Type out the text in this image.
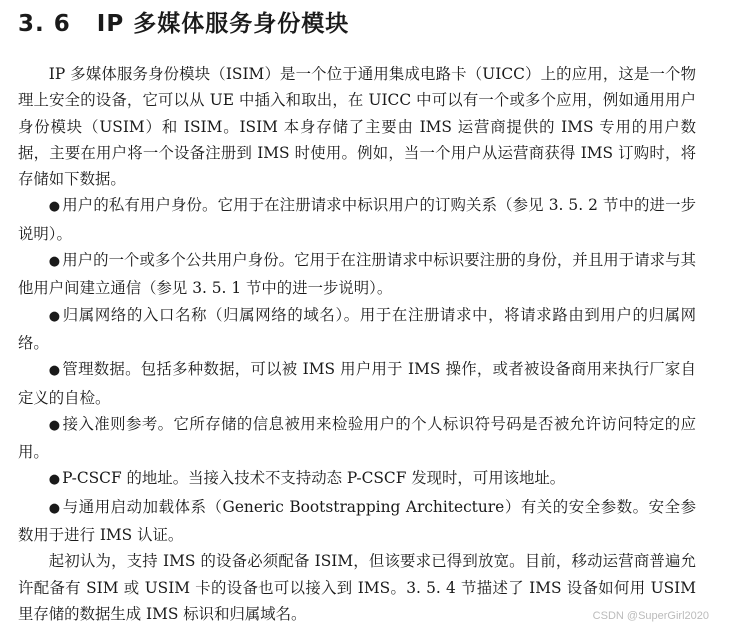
3. 6 IP 多媒体服务身份模块

IP 多媒体服务身份模块（ISIM）是一个位于通用集成电路卡（UICC）上的应用，这是一个物理上安全的设备，它可以从 UE 中插入和取出，在 UICC 中可以有一个或多个应用，例如通用用户身份模块（USIM）和 ISIM。ISIM 本身存储了主要由 IMS 运营商提供的 IMS 专用的用户数据，主要在用户将一个设备注册到 IMS 时使用。例如，当一个用户从运营商获得 IMS 订购时，将存储如下数据。

● 用户的私有用户身份。它用于在注册请求中标识用户的订购关系（参见 3. 5. 2 节中的进一步说明）。

● 用户的一个或多个公共用户身份。它用于在注册请求中标识要注册的身份，并且用于请求与其他用户间建立通信（参见 3. 5. 1 节中的进一步说明）。

● 归属网络的入口名称（归属网络的域名）。用于在注册请求中，将请求路由到用户的归属网络。

● 管理数据。包括多种数据，可以被 IMS 用户用于 IMS 操作，或者被设备商用来执行厂家自定义的自检。

● 接入准则参考。它所存储的信息被用来检验用户的个人标识符号码是否被允许访问特定的应用。

● P-CSCF 的地址。当接入技术不支持动态 P-CSCF 发现时，可用该地址。

● 与通用启动加载体系（Generic Bootstrapping Architecture）有关的安全参数。安全参数用于进行 IMS 认证。

起初认为，支持 IMS 的设备必须配备 ISIM，但该要求已得到放宽。目前，移动运营商普遍允许配备有 SIM 或 USIM 卡的设备也可以接入到 IMS。3. 5. 4 节描述了 IMS 设备如何用 USIM 里存储的数据生成 IMS 标识和归属域名。	CSDN @SuperGirl2020
